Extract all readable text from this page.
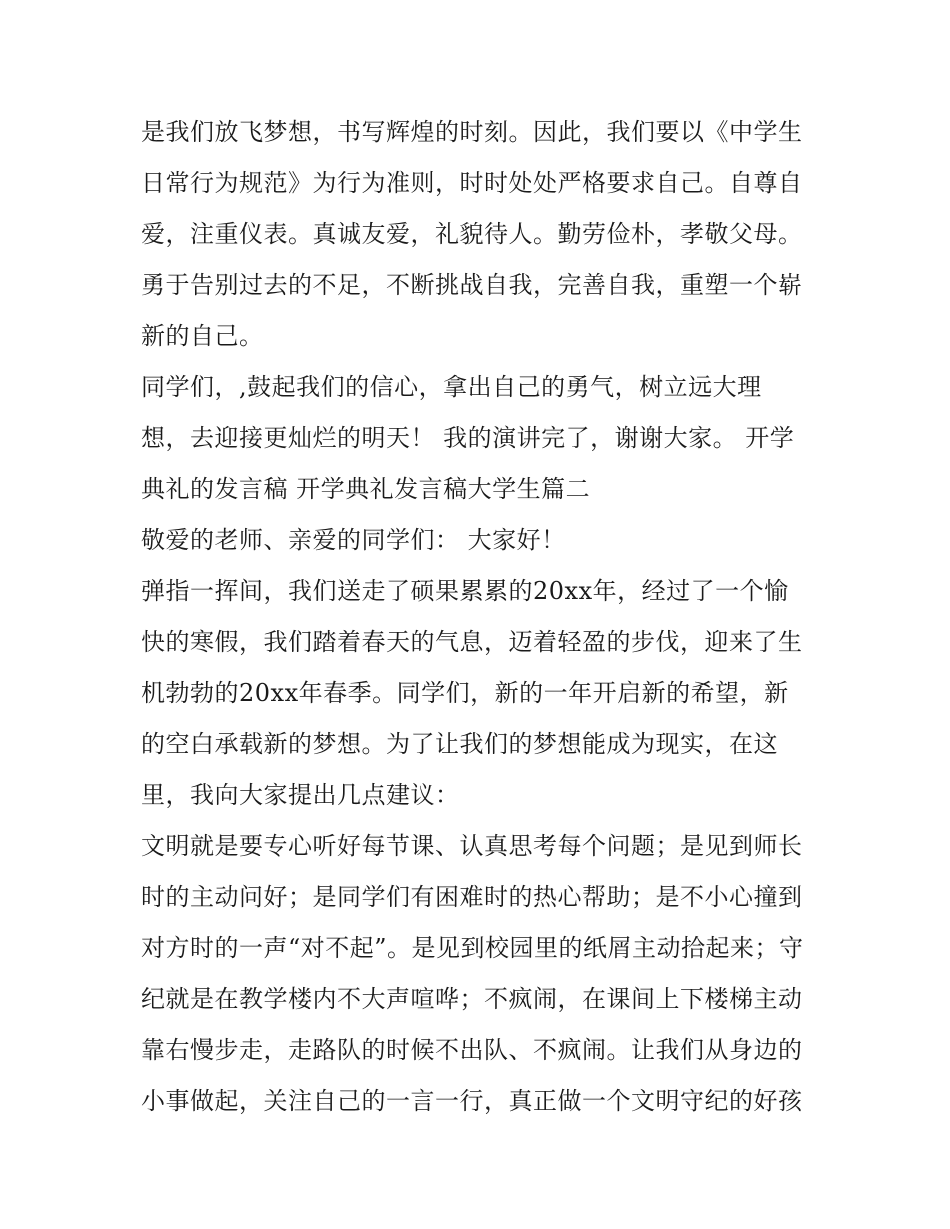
是我们放飞梦想，书写辉煌的时刻。因此，我们要以《中学生
日常行为规范》为行为准则，时时处处严格要求自己。自尊自
爱，注重仪表。真诚友爱，礼貌待人。勤劳俭朴，孝敬父母。
勇于告别过去的不足，不断挑战自我，完善自我，重塑一个崭
新的自己。
同学们，,鼓起我们的信心，拿出自己的勇气，树立远大理
想，去迎接更灿烂的明天！ 我的演讲完了，谢谢大家。 开学
典礼的发言稿 开学典礼发言稿大学生篇二
敬爱的老师、亲爱的同学们： 大家好！
弹指一挥间，我们送走了硕果累累的20xx年，经过了一个愉
快的寒假，我们踏着春天的气息，迈着轻盈的步伐，迎来了生
机勃勃的20xx年春季。同学们，新的一年开启新的希望，新
的空白承载新的梦想。为了让我们的梦想能成为现实，在这
里，我向大家提出几点建议：
文明就是要专心听好每节课、认真思考每个问题；是见到师长
时的主动问好；是同学们有困难时的热心帮助；是不小心撞到
对方时的一声“对不起”。是见到校园里的纸屑主动拾起来；守
纪就是在教学楼内不大声喧哗；不疯闹，在课间上下楼梯主动
靠右慢步走，走路队的时候不出队、不疯闹。让我们从身边的
小事做起，关注自己的一言一行，真正做一个文明守纪的好孩
